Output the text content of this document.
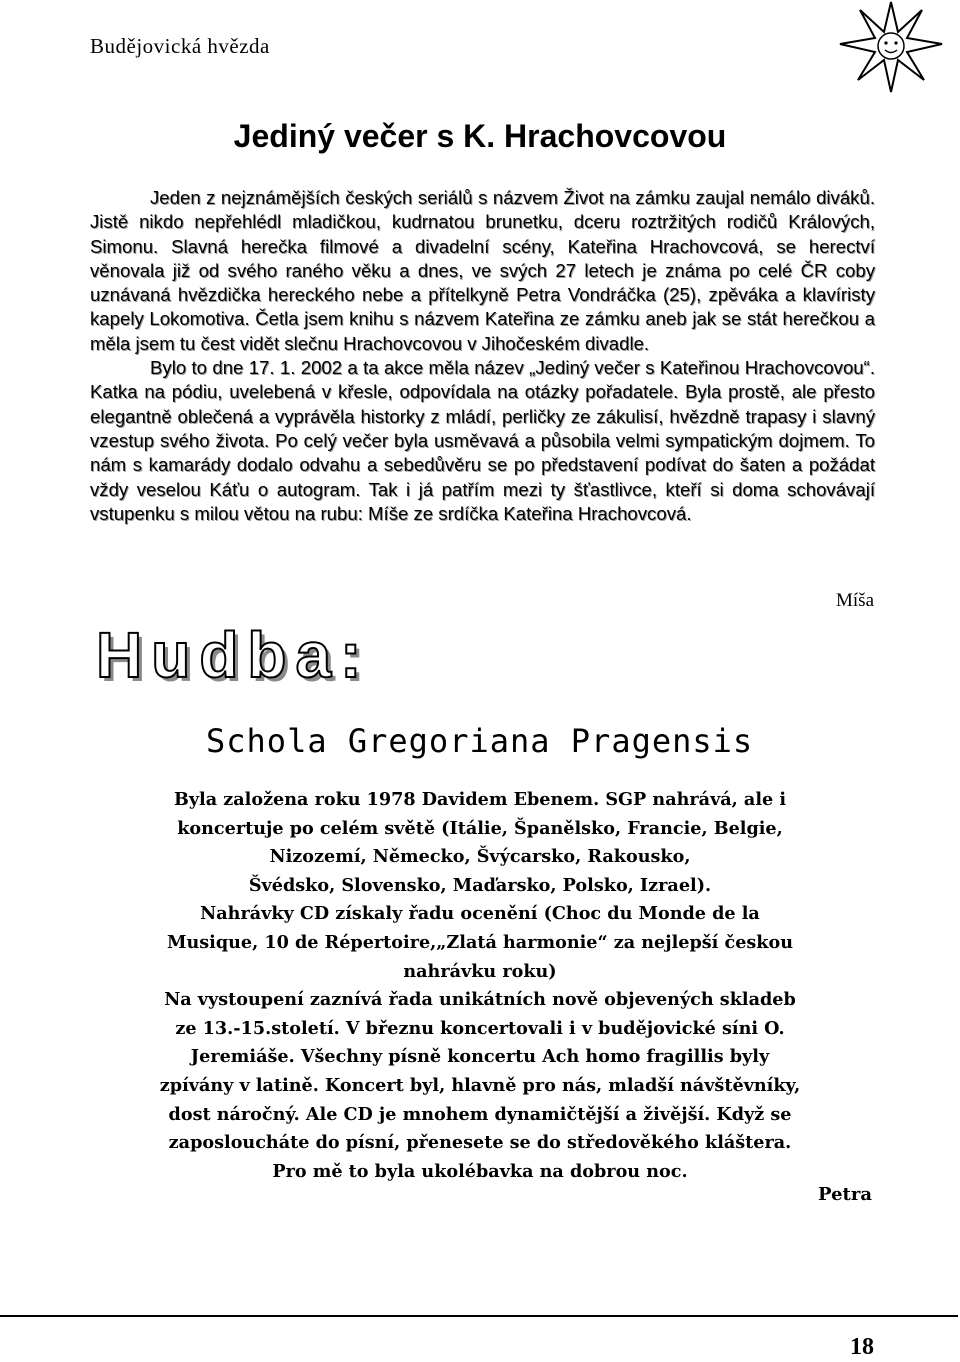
Budějovická hvězda
Jediný večer s K. Hrachovcovou

Jeden z nejznámějších českých seriálů s názvem Život na zámku zaujal nemálo diváků. Jistě nikdo nepřehlédl mladičkou, kudrnatou brunetku, dceru roztržitých rodičů Králových, Simonu. Slavná herečka filmové a divadelní scény, Kateřina Hrachovcová, se herectví věnovala již od svého raného věku a dnes, ve svých 27 letech je známa po celé ČR coby uznávaná hvězdička hereckého nebe a přítelkyně Petra Vondráčka (25), zpěváka a klavíristy kapely Lokomotiva. Četla jsem knihu s názvem Kateřina ze zámku aneb jak se stát herečkou a měla jsem tu čest vidět slečnu Hrachovcovou v Jihočeském divadle.

Bylo to dne 17. 1. 2002 a ta akce měla název „Jediný večer s Kateřinou Hrachovcovou“. Katka na pódiu, uvelebená v křesle, odpovídala na otázky pořadatele. Byla prostě, ale přesto elegantně oblečená a vyprávěla historky z mládí, perličky ze zákulisí, hvězdně trapasy i slavný vzestup svého života. Po celý večer byla usměvavá a působila velmi sympatickým dojmem. To nám s kamarády dodalo odvahu a sebedůvěru se po představení podívat do šaten a požádat vždy veselou Káťu o autogram. Tak i já patřím mezi ty šťastlivce, kteří si doma schovávají vstupenku s milou větou na rubu: Míše ze srdíčka Kateřina Hrachovcová.

Míša
Hudba:
Schola Gregoriana Pragensis
Byla založena roku 1978 Davidem Ebenem. SGP nahrává, ale i
koncertuje po celém světě (Itálie, Španělsko, Francie, Belgie,
Nizozemí, Německo, Švýcarsko, Rakousko,
Švédsko, Slovensko, Maďarsko, Polsko, Izrael).
Nahrávky CD získaly řadu ocenění (Choc du Monde de la
Musique, 10 de Répertoire,„Zlatá harmonie“ za nejlepší českou
nahrávku roku)
Na vystoupení zaznívá řada unikátních nově objevených skladeb
ze 13.-15.století. V březnu koncertovali i v budějovické síni O.
Jeremiáše. Všechny písně koncertu Ach homo fragillis byly
zpívány v latině. Koncert byl, hlavně pro nás, mladší návštěvníky,
dost náročný. Ale CD je mnohem dynamičtější a živější. Když se
zaposloucháte do písní, přenesete se do středověkého kláštera.
Pro mě to byla ukolébavka na dobrou noc.
Petra
18
